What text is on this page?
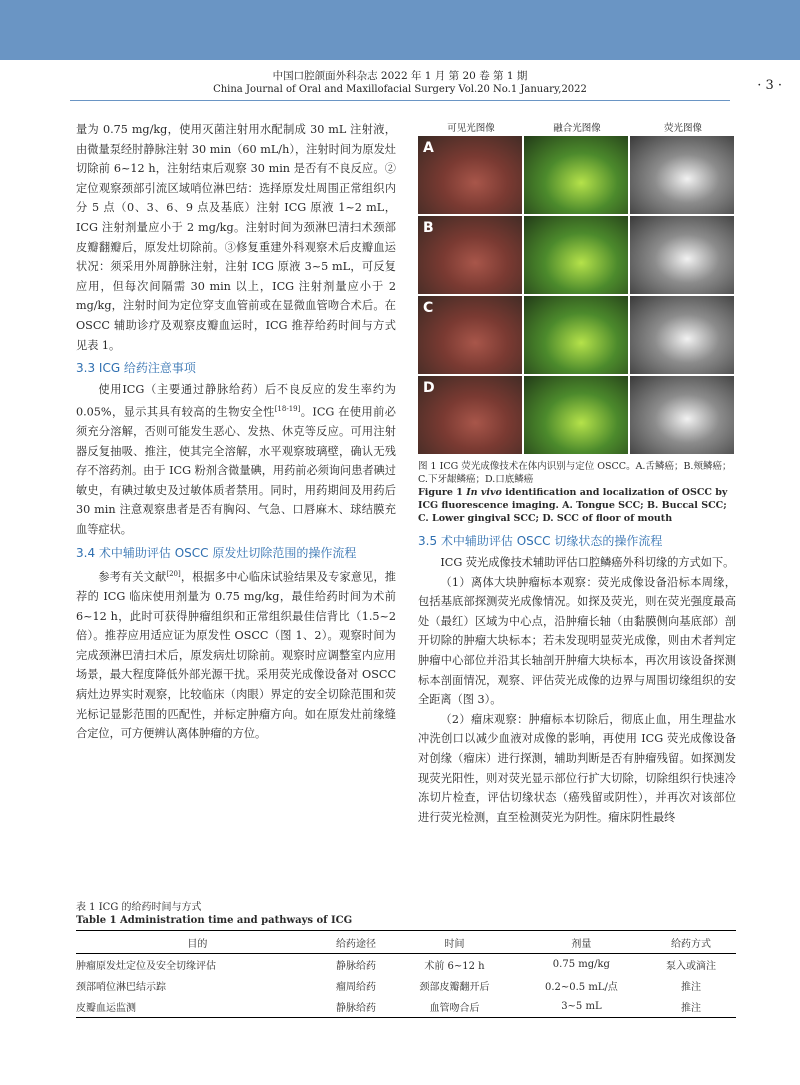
中国口腔颌面外科杂志 2022 年 1 月 第 20 卷 第 1 期
China Journal of Oral and Maxillofacial Surgery Vol.20 No.1 January,2022	· 3 ·

量为 0.75 mg/kg，使用灭菌注射用水配制成 30 mL 注射液，由微量泵经肘静脉注射 30 min（60 mL/h），注射时间为原发灶切除前 6~12 h，注射结束后观察 30 min 是否有不良反应。②定位观察颈部引流区域哨位淋巴结：选择原发灶周围正常组织内分 5 点（0、3、6、9 点及基底）注射 ICG 原液 1~2 mL，ICG 注射剂量应小于 2 mg/kg。注射时间为颈淋巴清扫术颈部皮瓣翻瓣后，原发灶切除前。③修复重建外科观察术后皮瓣血运状况：须采用外周静脉注射，注射 ICG 原液 3~5 mL，可反复应用，但每次间隔需 30 min 以上，ICG 注射剂量应小于 2 mg/kg，注射时间为定位穿支血管前或在显微血管吻合术后。在 OSCC 辅助诊疗及观察皮瓣血运时，ICG 推荐给药时间与方式见表 1。

3.3 ICG 给药注意事项

使用ICG（主要通过静脉给药）后不良反应的发生率约为 0.05%，显示其具有较高的生物安全性[18-19]。ICG 在使用前必须充分溶解，否则可能发生恶心、发热、休克等反应。可用注射器反复抽吸、推注，使其完全溶解，水平观察玻璃壁，确认无残存不溶药剂。由于 ICG 粉剂含微量碘，用药前必须询问患者碘过敏史，有碘过敏史及过敏体质者禁用。同时，用药期间及用药后 30 min 注意观察患者是否有胸闷、气急、口唇麻木、球结膜充血等症状。

3.4 术中辅助评估 OSCC 原发灶切除范围的操作流程

参考有关文献[20]，根据多中心临床试验结果及专家意见，推荐的 ICG 临床使用剂量为 0.75 mg/kg，最佳给药时间为术前 6~12 h，此时可获得肿瘤组织和正常组织最佳信背比（1.5~2 倍）。推荐应用适应证为原发性 OSCC（图 1、2）。观察时间为完成颈淋巴清扫术后，原发病灶切除前。观察时应调整室内应用场景，最大程度降低外部光源干扰。采用荧光成像设备对 OSCC 病灶边界实时观察，比较临床（肉眼）界定的安全切除范围和荧光标记显影范围的匹配性，并标定肿瘤方向。如在原发灶前缘缝合定位，可方便辨认离体肿瘤的方位。

可见光图像	融合光图像	荧光图像
A
B
C
D
图 1 ICG 荧光成像技术在体内识别与定位 OSCC。A.舌鳞癌；B.颊鳞癌；C.下牙龈鳞癌；D.口底鳞癌
Figure 1 In vivo identification and localization of OSCC by ICG fluorescence imaging. A. Tongue SCC; B. Buccal SCC; C. Lower gingival SCC; D. SCC of floor of mouth
3.5 术中辅助评估 OSCC 切缘状态的操作流程

ICG 荧光成像技术辅助评估口腔鳞癌外科切缘的方式如下。

（1）离体大块肿瘤标本观察：荧光成像设备沿标本周缘，包括基底部探测荧光成像情况。如探及荧光，则在荧光强度最高处（最红）区域为中心点，沿肿瘤长轴（由黏膜侧向基底部）剖开切除的肿瘤大块标本；若未发现明显荧光成像，则由术者判定肿瘤中心部位并沿其长轴剖开肿瘤大块标本，再次用该设备探测标本剖面情况，观察、评估荧光成像的边界与周围切缘组织的安全距离（图 3）。

（2）瘤床观察：肿瘤标本切除后，彻底止血，用生理盐水冲洗创口以减少血液对成像的影响，再使用 ICG 荧光成像设备对创缘（瘤床）进行探测，辅助判断是否有肿瘤残留。如探测发现荧光阳性，则对荧光显示部位行扩大切除，切除组织行快速冷冻切片检查，评估切缘状态（癌残留或阴性），并再次对该部位进行荧光检测，直至检测荧光为阴性。瘤床阴性最终

表 1 ICG 的给药时间与方式
Table 1 Administration time and pathways of ICG
目的	给药途径	时间	剂量	给药方式
肿瘤原发灶定位及安全切缘评估	静脉给药	术前 6~12 h	0.75 mg/kg	泵入或滴注
颈部哨位淋巴结示踪	瘤周给药	颈部皮瓣翻开后	0.2~0.5 mL/点	推注
皮瓣血运监测	静脉给药	血管吻合后	3~5 mL	推注
